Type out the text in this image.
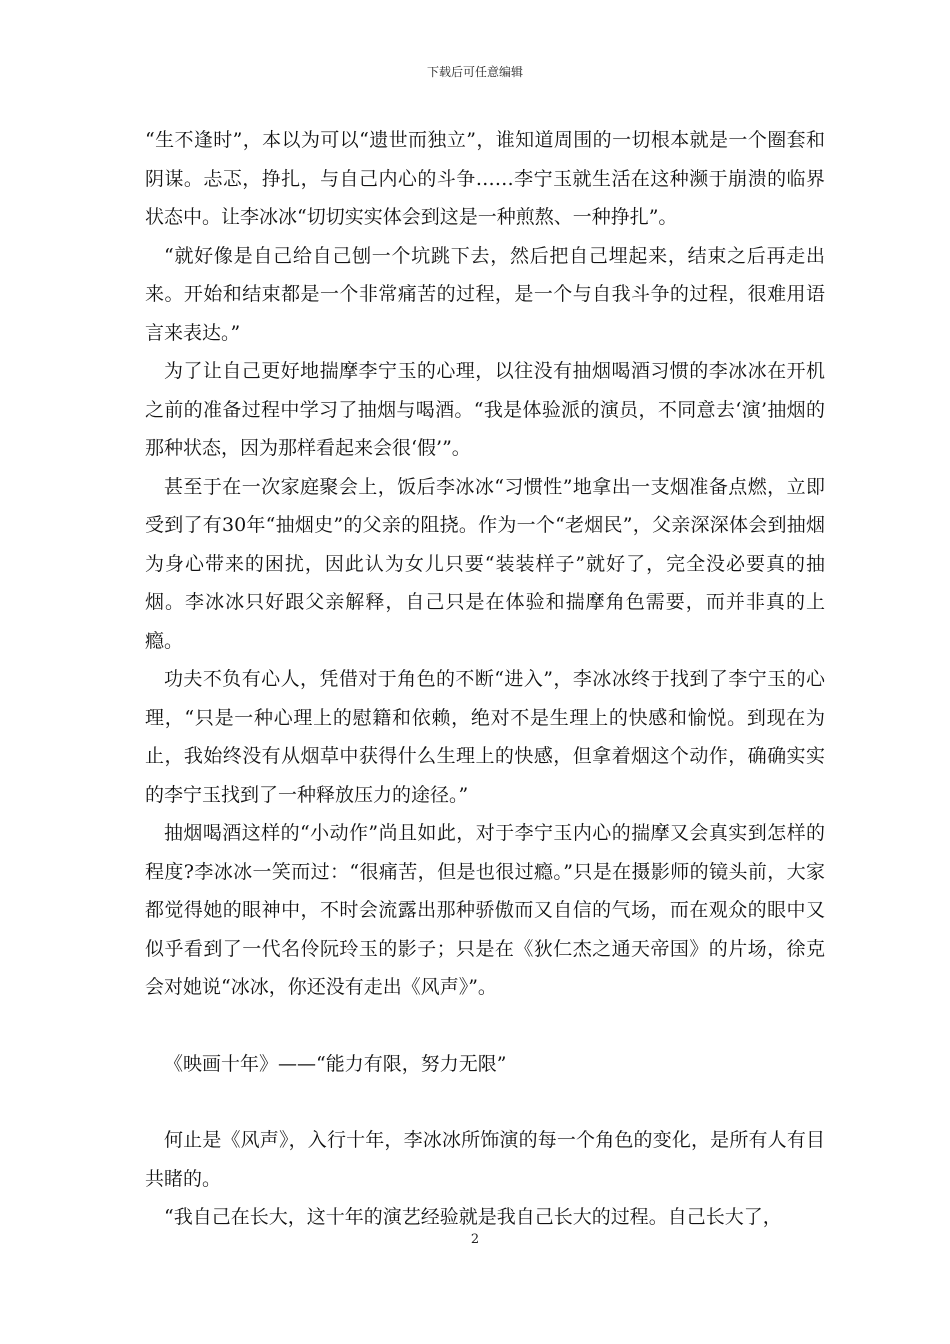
下载后可任意编辑

“生不逢时”，本以为可以“遗世而独立”，谁知道周围的一切根本就是一个圈套和阴谋。忐忑，挣扎，与自己内心的斗争……李宁玉就生活在这种濒于崩溃的临界状态中。让李冰冰“切切实实体会到这是一种煎熬、一种挣扎”。

“就好像是自己给自己刨一个坑跳下去，然后把自己埋起来，结束之后再走出来。开始和结束都是一个非常痛苦的过程，是一个与自我斗争的过程，很难用语言来表达。”

为了让自己更好地揣摩李宁玉的心理，以往没有抽烟喝酒习惯的李冰冰在开机之前的准备过程中学习了抽烟与喝酒。“我是体验派的演员，不同意去‘演’抽烟的那种状态，因为那样看起来会很‘假’”。

甚至于在一次家庭聚会上，饭后李冰冰“习惯性”地拿出一支烟准备点燃，立即受到了有30年“抽烟史”的父亲的阻挠。作为一个“老烟民”，父亲深深体会到抽烟为身心带来的困扰，因此认为女儿只要“装装样子”就好了，完全没必要真的抽烟。李冰冰只好跟父亲解释，自己只是在体验和揣摩角色需要，而并非真的上瘾。

功夫不负有心人，凭借对于角色的不断“进入”，李冰冰终于找到了李宁玉的心理，“只是一种心理上的慰籍和依赖，绝对不是生理上的快感和愉悦。到现在为止，我始终没有从烟草中获得什么生理上的快感，但拿着烟这个动作，确确实实的李宁玉找到了一种释放压力的途径。”

抽烟喝酒这样的“小动作”尚且如此，对于李宁玉内心的揣摩又会真实到怎样的程度?李冰冰一笑而过：“很痛苦，但是也很过瘾。”只是在摄影师的镜头前，大家都觉得她的眼神中，不时会流露出那种骄傲而又自信的气场，而在观众的眼中又似乎看到了一代名伶阮玲玉的影子；只是在《狄仁杰之通天帝国》的片场，徐克会对她说“冰冰，你还没有走出《风声》”。

《映画十年》——“能力有限，努力无限”

何止是《风声》，入行十年，李冰冰所饰演的每一个角色的变化，是所有人有目共睹的。

“我自己在长大，这十年的演艺经验就是我自己长大的过程。自己长大了，

2
